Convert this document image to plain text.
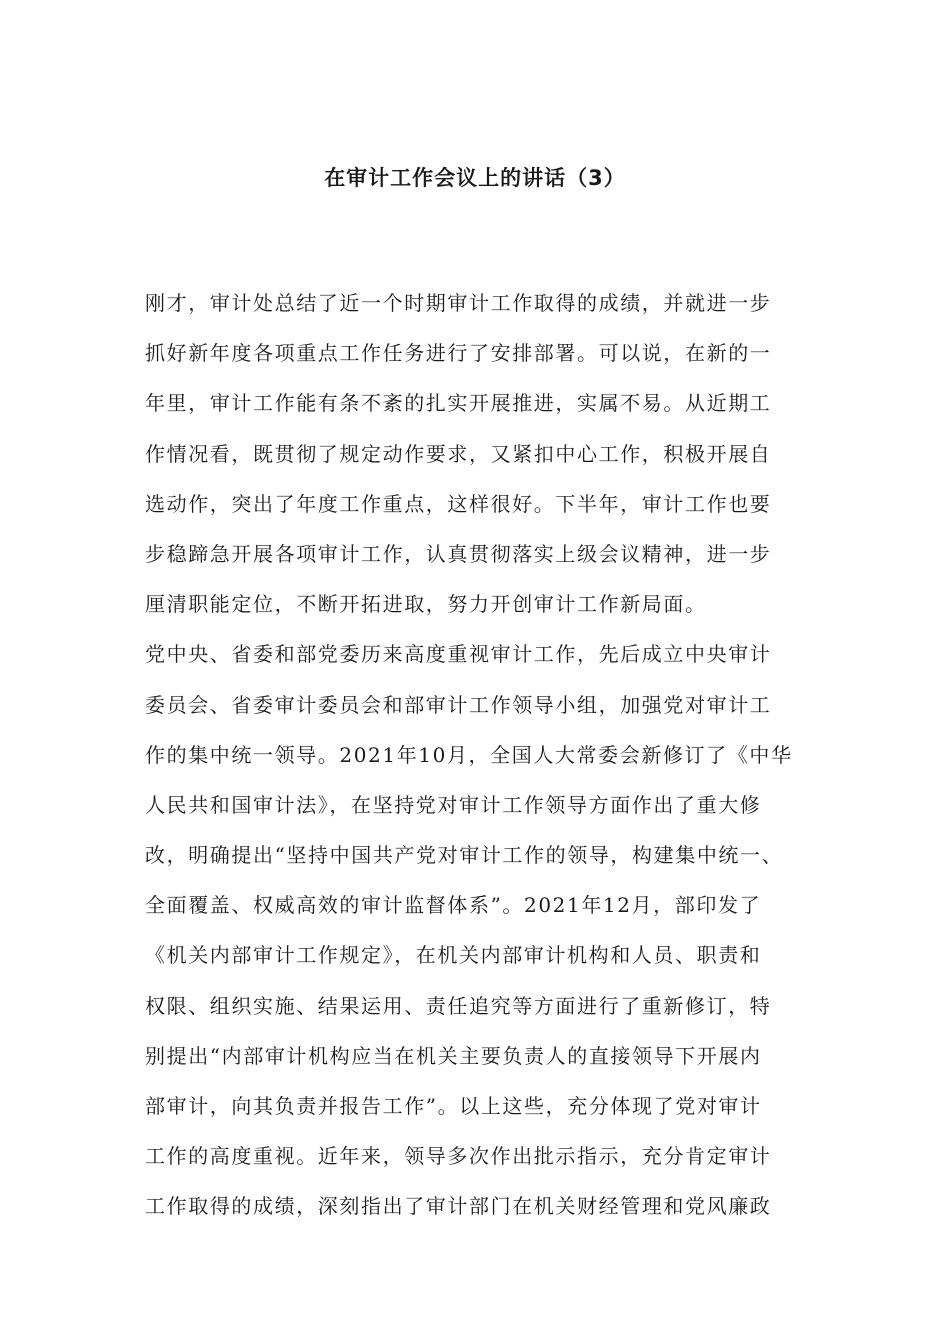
在审计工作会议上的讲话（3）
刚才，审计处总结了近一个时期审计工作取得的成绩，并就进一步
抓好新年度各项重点工作任务进行了安排部署。可以说，在新的一
年里，审计工作能有条不紊的扎实开展推进，实属不易。从近期工
作情况看，既贯彻了规定动作要求，又紧扣中心工作，积极开展自
选动作，突出了年度工作重点，这样很好。下半年，审计工作也要
步稳蹄急开展各项审计工作，认真贯彻落实上级会议精神，进一步
厘清职能定位，不断开拓进取，努力开创审计工作新局面。
党中央、省委和部党委历来高度重视审计工作，先后成立中央审计
委员会、省委审计委员会和部审计工作领导小组，加强党对审计工
作的集中统一领导。2021年10月，全国人大常委会新修订了《中华
人民共和国审计法》，在坚持党对审计工作领导方面作出了重大修
改，明确提出“坚持中国共产党对审计工作的领导，构建集中统一、
全面覆盖、权威高效的审计监督体系”。2021年12月，部印发了
《机关内部审计工作规定》，在机关内部审计机构和人员、职责和
权限、组织实施、结果运用、责任追究等方面进行了重新修订，特
别提出“内部审计机构应当在机关主要负责人的直接领导下开展内
部审计，向其负责并报告工作”。以上这些，充分体现了党对审计
工作的高度重视。近年来，领导多次作出批示指示，充分肯定审计
工作取得的成绩，深刻指出了审计部门在机关财经管理和党风廉政
